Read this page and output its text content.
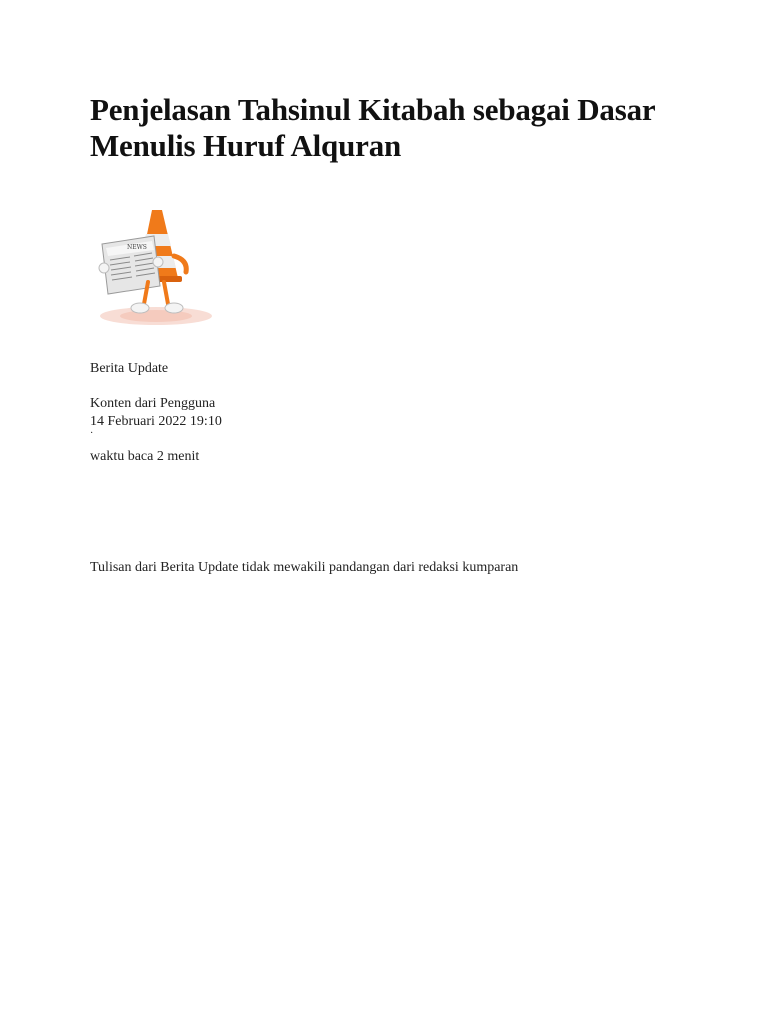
Penjelasan Tahsinul Kitabah sebagai Dasar Menulis Huruf Alquran
NEWS
Berita Update
Konten dari Pengguna
14 Februari 2022 19:10
·
waktu baca 2 menit
Tulisan dari Berita Update tidak mewakili pandangan dari redaksi kumparan
